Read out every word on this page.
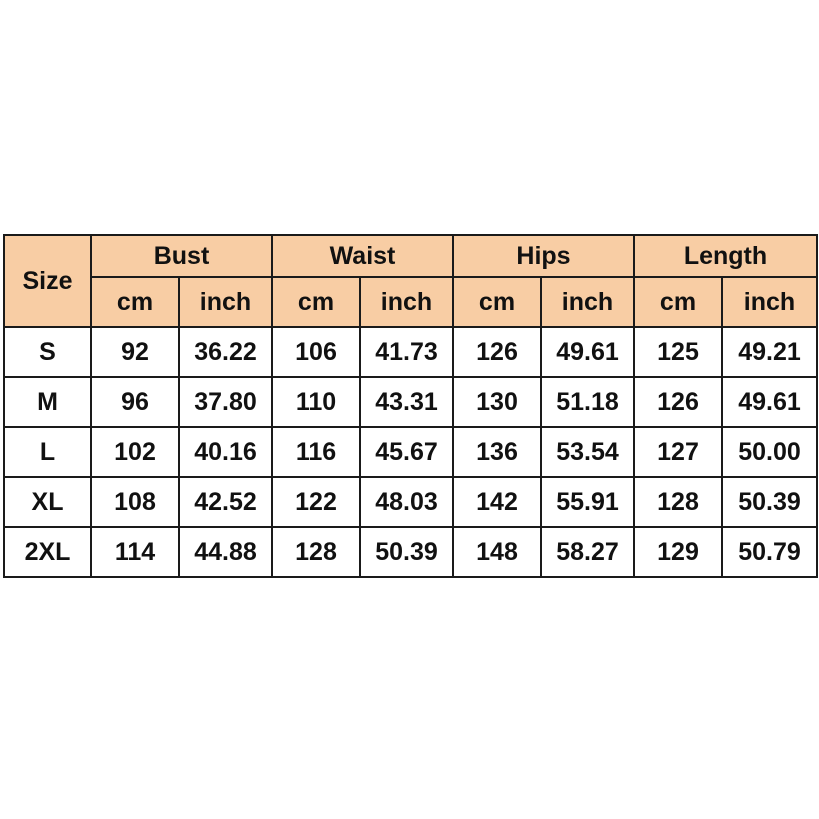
Size	Bust		Waist		Hips		Length	
	cm	inch	cm	inch	cm	inch	cm	inch
S	92	36.22	106	41.73	126	49.61	125	49.21
M	96	37.80	110	43.31	130	51.18	126	49.61
L	102	40.16	116	45.67	136	53.54	127	50.00
XL	108	42.52	122	48.03	142	55.91	128	50.39
2XL	114	44.88	128	50.39	148	58.27	129	50.79
